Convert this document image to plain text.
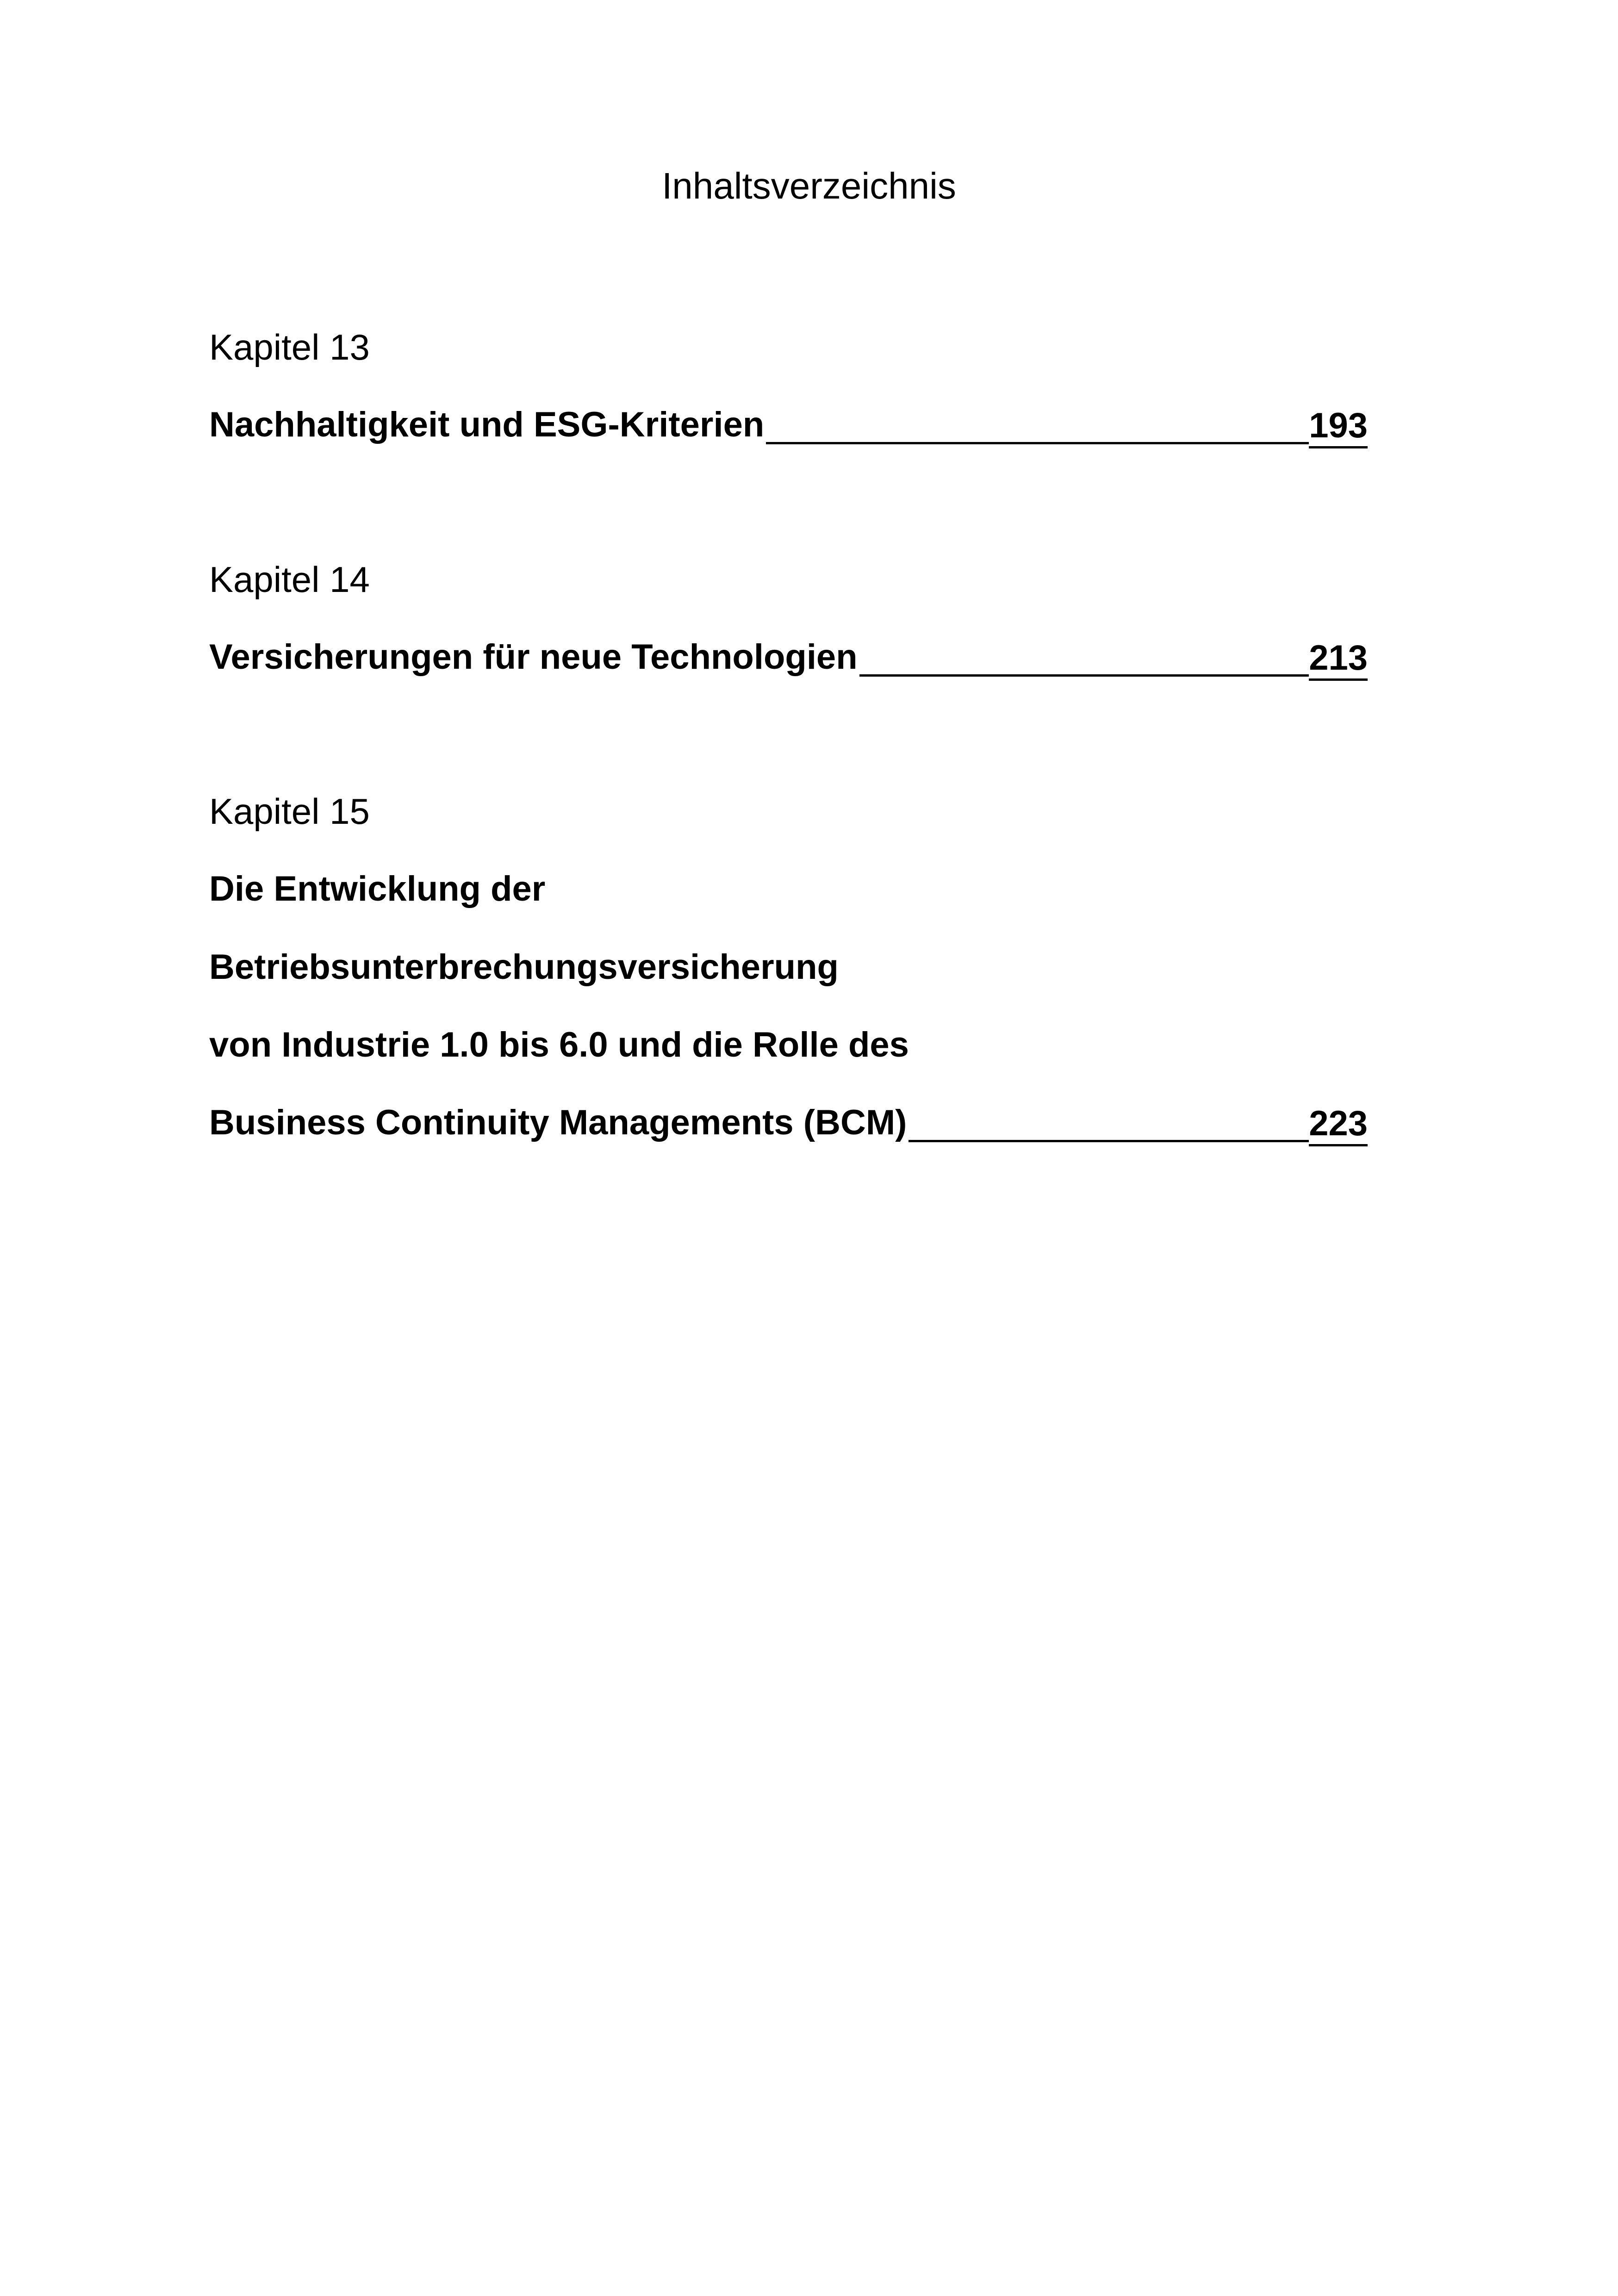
Inhaltsverzeichnis
Kapitel 13
Nachhaltigkeit und ESG-Kriterien	193
Kapitel 14
Versicherungen für neue Technologien	213
Kapitel 15
Die Entwicklung der
Betriebsunterbrechungsversicherung
von Industrie 1.0 bis 6.0 und die Rolle des
Business Continuity Managements (BCM)	223
